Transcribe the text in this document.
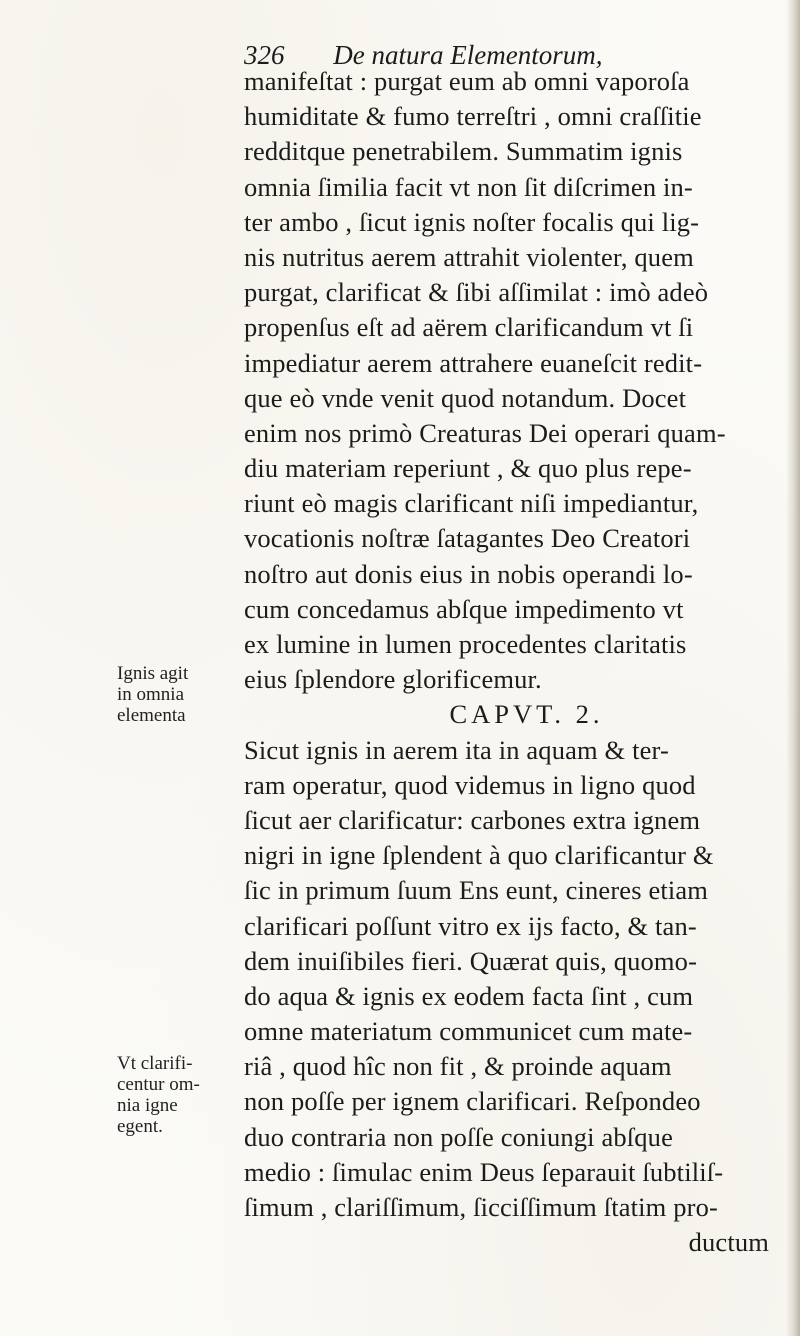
326 De natura Elementorum,
manifeſtat : purgat eum ab omni vaporoſa
humiditate & fumo terreſtri , omni craſſitie
redditque penetrabilem. Summatim ignis
omnia ſimilia facit vt non ſit diſcrimen in-
ter ambo , ſicut ignis noſter focalis qui lig-
nis nutritus aerem attrahit violenter, quem
purgat, clarificat & ſibi aſſimilat : imò adeò
propenſus eſt ad aërem clarificandum vt ſi
impediatur aerem attrahere euaneſcit redit-
que eò vnde venit quod notandum. Docet
enim nos primò Creaturas Dei operari quam-
diu materiam reperiunt , & quo plus repe-
riunt eò magis clarificant niſi impediantur,
vocationis noſtræ ſatagantes Deo Creatori
noſtro aut donis eius in nobis operandi lo-
cum concedamus abſque impedimento vt
ex lumine in lumen procedentes claritatis
eius ſplendore glorificemur.
CAPVT. 2.
Sicut ignis in aerem ita in aquam & ter-
ram operatur, quod videmus in ligno quod
ſicut aer clarificatur: carbones extra ignem
nigri in igne ſplendent à quo clarificantur &
ſic in primum ſuum Ens eunt, cineres etiam
clarificari poſſunt vitro ex ijs facto, & tan-
dem inuiſibiles fieri. Quærat quis, quomo-
do aqua & ignis ex eodem facta ſint , cum
omne materiatum communicet cum mate-
riâ , quod hîc non fit , & proinde aquam
non poſſe per ignem clarificari. Reſpondeo
duo contraria non poſſe coniungi abſque
medio : ſimulac enim Deus ſeparauit ſubtiliſ-
ſimum , clariſſimum, ſicciſſimum ſtatim pro-
ductum
Ignis agit
in omnia
elementa
Vt clarifi-
centur om-
nia igne
egent.
